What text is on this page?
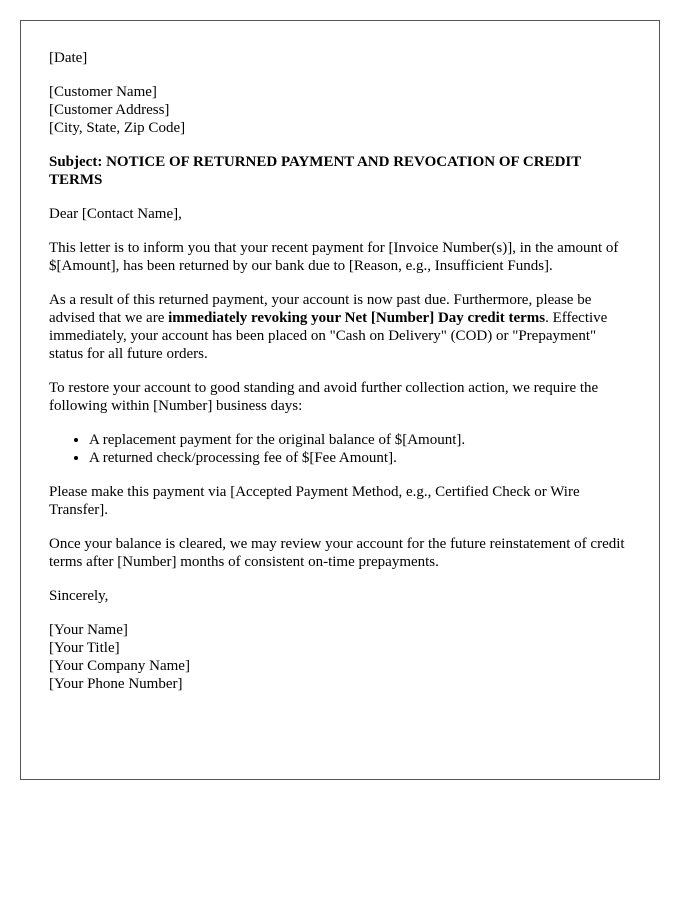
[Date]
[Customer Name]
[Customer Address]
[City, State, Zip Code]

Subject: NOTICE OF RETURNED PAYMENT AND REVOCATION OF CREDIT TERMS

Dear [Contact Name],

This letter is to inform you that your recent payment for [Invoice Number(s)], in the amount of $[Amount], has been returned by our bank due to [Reason, e.g., Insufficient Funds].

As a result of this returned payment, your account is now past due. Furthermore, please be advised that we are immediately revoking your Net [Number] Day credit terms. Effective immediately, your account has been placed on "Cash on Delivery" (COD) or "Prepayment" status for all future orders.

To restore your account to good standing and avoid further collection action, we require the following within [Number] business days:

• A replacement payment for the original balance of $[Amount].
• A returned check/processing fee of $[Fee Amount].

Please make this payment via [Accepted Payment Method, e.g., Certified Check or Wire Transfer].

Once your balance is cleared, we may review your account for the future reinstatement of credit terms after [Number] months of consistent on-time prepayments.

Sincerely,

[Your Name]
[Your Title]
[Your Company Name]
[Your Phone Number]
